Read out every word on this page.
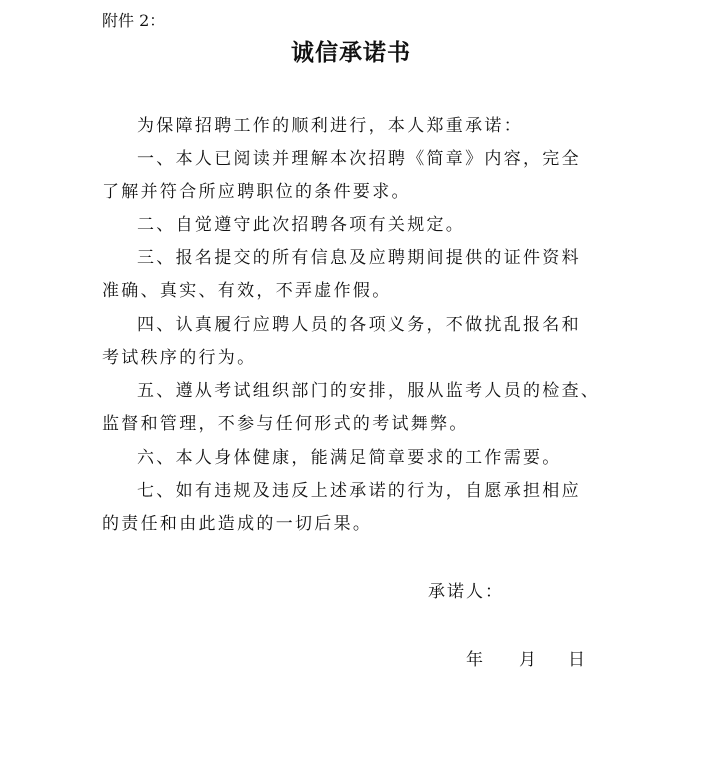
附件 2：
诚信承诺书
为保障招聘工作的顺利进行，本人郑重承诺：
一、本人已阅读并理解本次招聘《简章》内容，完全
了解并符合所应聘职位的条件要求。
二、自觉遵守此次招聘各项有关规定。
三、报名提交的所有信息及应聘期间提供的证件资料
准确、真实、有效，不弄虚作假。
四、认真履行应聘人员的各项义务，不做扰乱报名和
考试秩序的行为。
五、遵从考试组织部门的安排，服从监考人员的检查、
监督和管理，不参与任何形式的考试舞弊。
六、本人身体健康，能满足简章要求的工作需要。
七、如有违规及违反上述承诺的行为，自愿承担相应
的责任和由此造成的一切后果。
承诺人：
年 月 日
